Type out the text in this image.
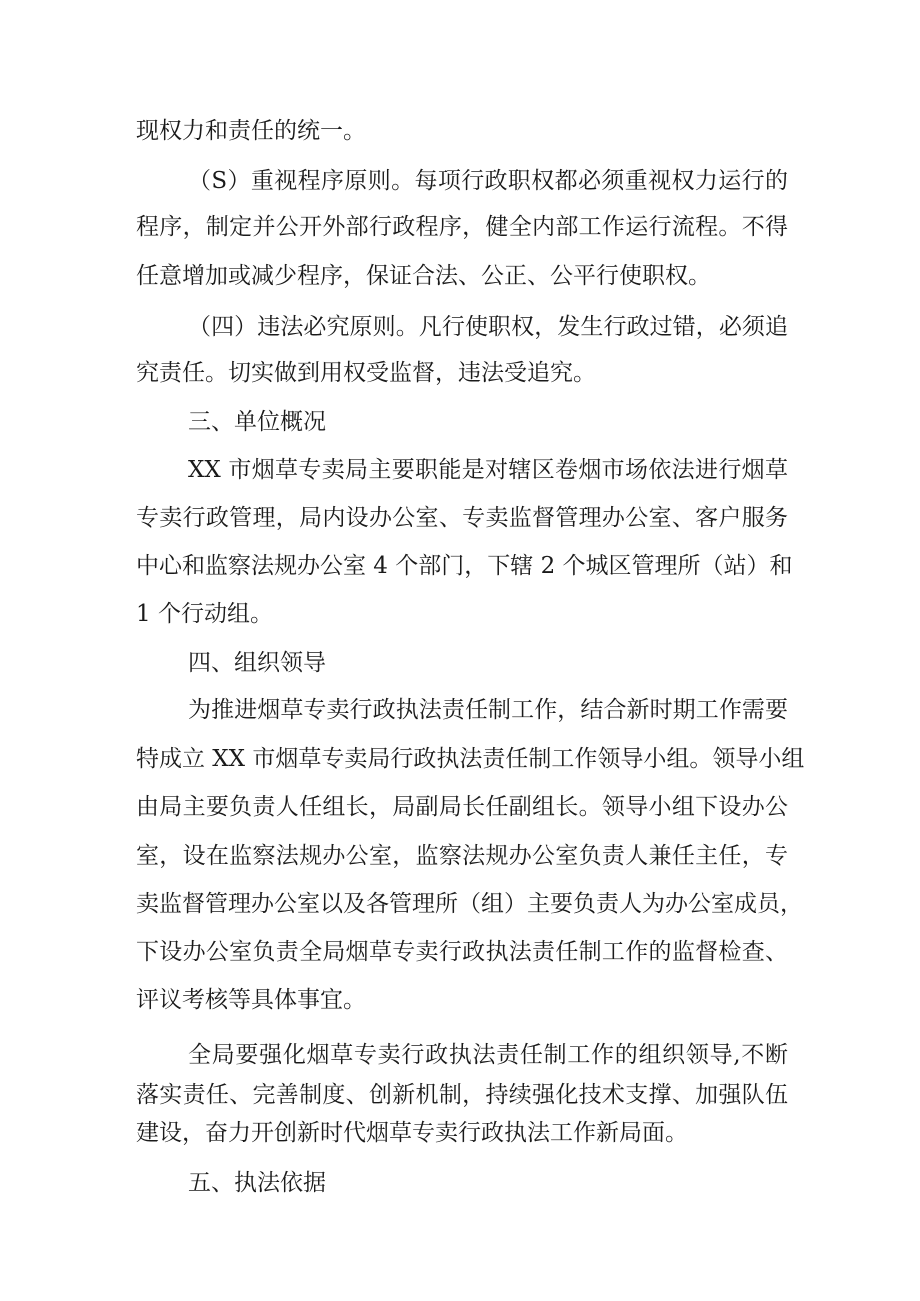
现权力和责任的统一。
（S）重视程序原则。每项行政职权都必须重视权力运行的
程序，制定并公开外部行政程序，健全内部工作运行流程。不得
任意增加或减少程序，保证合法、公正、公平行使职权。
（四）违法必究原则。凡行使职权，发生行政过错，必须追
究责任。切实做到用权受监督，违法受追究。
三、单位概况
XX 市烟草专卖局主要职能是对辖区卷烟市场依法进行烟草
专卖行政管理，局内设办公室、专卖监督管理办公室、客户服务
中心和监察法规办公室 4 个部门，下辖 2 个城区管理所（站）和
1 个行动组。
四、组织领导
为推进烟草专卖行政执法责任制工作，结合新时期工作需要
特成立 XX 市烟草专卖局行政执法责任制工作领导小组。领导小组
由局主要负责人任组长，局副局长任副组长。领导小组下设办公
室，设在监察法规办公室，监察法规办公室负责人兼任主任，专
卖监督管理办公室以及各管理所（组）主要负责人为办公室成员，
下设办公室负责全局烟草专卖行政执法责任制工作的监督检查、
评议考核等具体事宜。
全局要强化烟草专卖行政执法责任制工作的组织领导,不断
落实责任、完善制度、创新机制，持续强化技术支撑、加强队伍
建设，奋力开创新时代烟草专卖行政执法工作新局面。
五、执法依据
